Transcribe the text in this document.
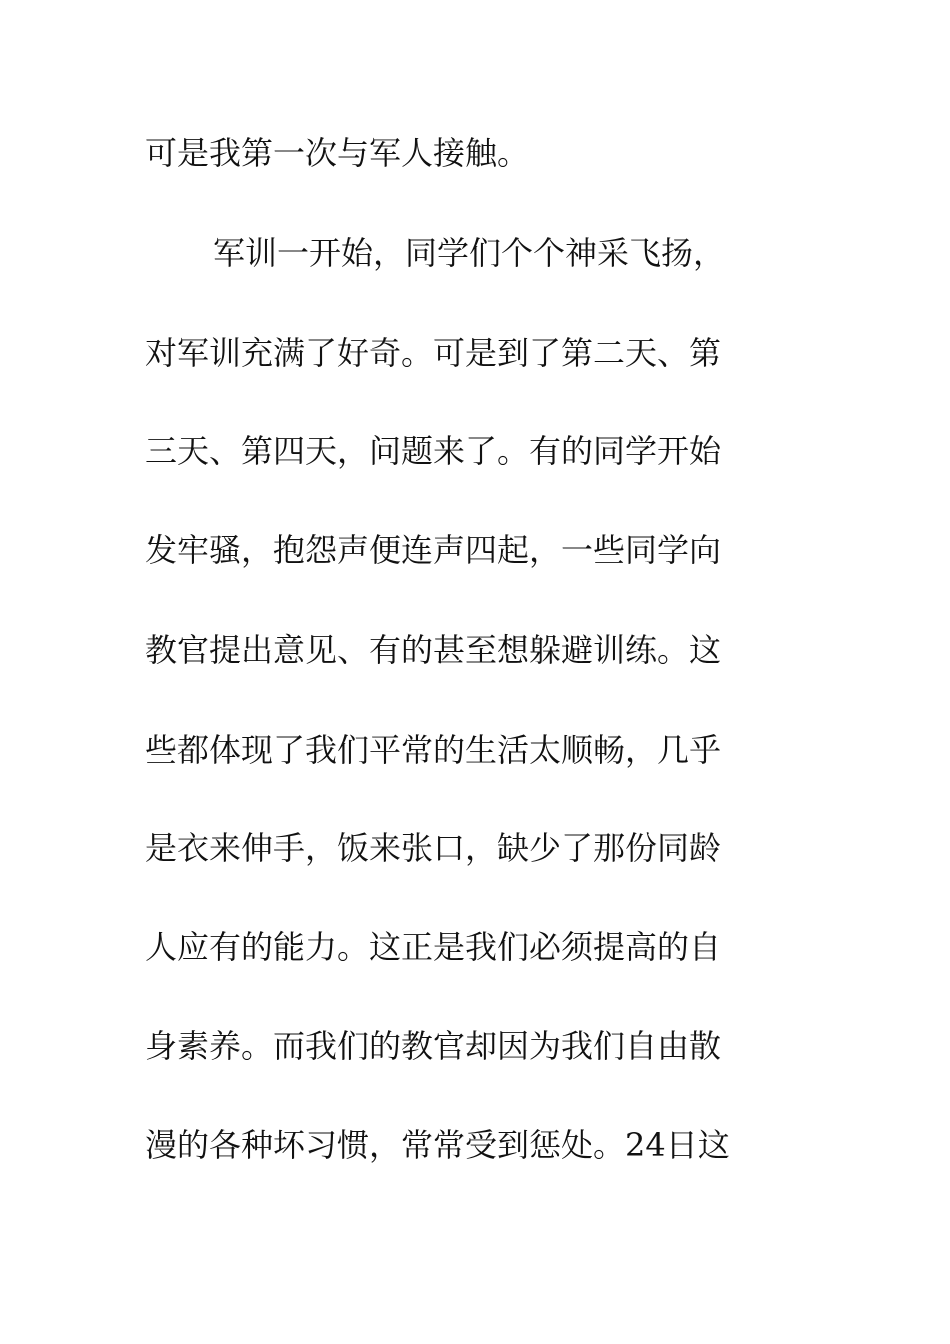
可是我第一次与军人接触。
军训一开始，同学们个个神采飞扬，
对军训充满了好奇。可是到了第二天、第
三天、第四天，问题来了。有的同学开始
发牢骚，抱怨声便连声四起，一些同学向
教官提出意见、有的甚至想躲避训练。这
些都体现了我们平常的生活太顺畅，几乎
是衣来伸手，饭来张口，缺少了那份同龄
人应有的能力。这正是我们必须提高的自
身素养。而我们的教官却因为我们自由散
漫的各种坏习惯，常常受到惩处。24日这
